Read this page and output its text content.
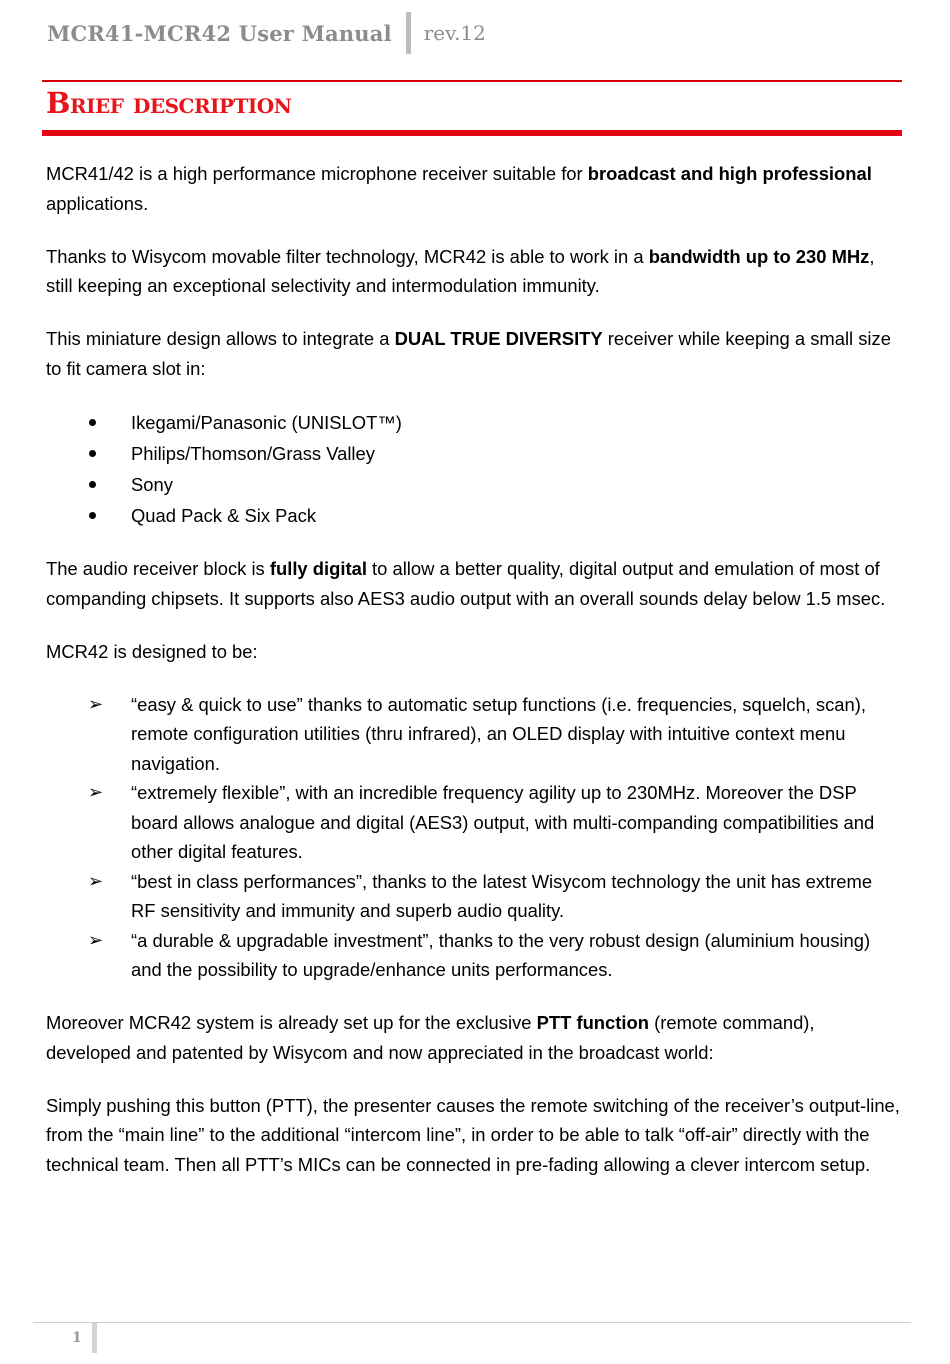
MCR41-MCR42 User Manual rev.12
Brief description

MCR41/42 is a high performance microphone receiver suitable for broadcast and high professional applications.

Thanks to Wisycom movable filter technology, MCR42 is able to work in a bandwidth up to 230 MHz, still keeping an exceptional selectivity and intermodulation immunity.

This miniature design allows to integrate a DUAL TRUE DIVERSITY receiver while keeping a small size to fit camera slot in:

Ikegami/Panasonic (UNISLOT™)
Philips/Thomson/Grass Valley
Sony
Quad Pack & Six Pack

The audio receiver block is fully digital to allow a better quality, digital output and emulation of most of companding chipsets. It supports also AES3 audio output with an overall sounds delay below 1.5 msec.

MCR42 is designed to be:

➢ “easy & quick to use” thanks to automatic setup functions (i.e. frequencies, squelch, scan), remote configuration utilities (thru infrared), an OLED display with intuitive context menu navigation.
➢ “extremely flexible”, with an incredible frequency agility up to 230MHz. Moreover the DSP board allows analogue and digital (AES3) output, with multi-companding compatibilities and other digital features.
➢ “best in class performances”, thanks to the latest Wisycom technology the unit has extreme RF sensitivity and immunity and superb audio quality.
➢ “a durable & upgradable investment”, thanks to the very robust design (aluminium housing) and the possibility to upgrade/enhance units performances.

Moreover MCR42 system is already set up for the exclusive PTT function (remote command), developed and patented by Wisycom and now appreciated in the broadcast world:

Simply pushing this button (PTT), the presenter causes the remote switching of the receiver’s output-line, from the “main line” to the additional “intercom line”, in order to be able to talk “off-air” directly with the technical team. Then all PTT’s MICs can be connected in pre-fading allowing a clever intercom setup.

1
